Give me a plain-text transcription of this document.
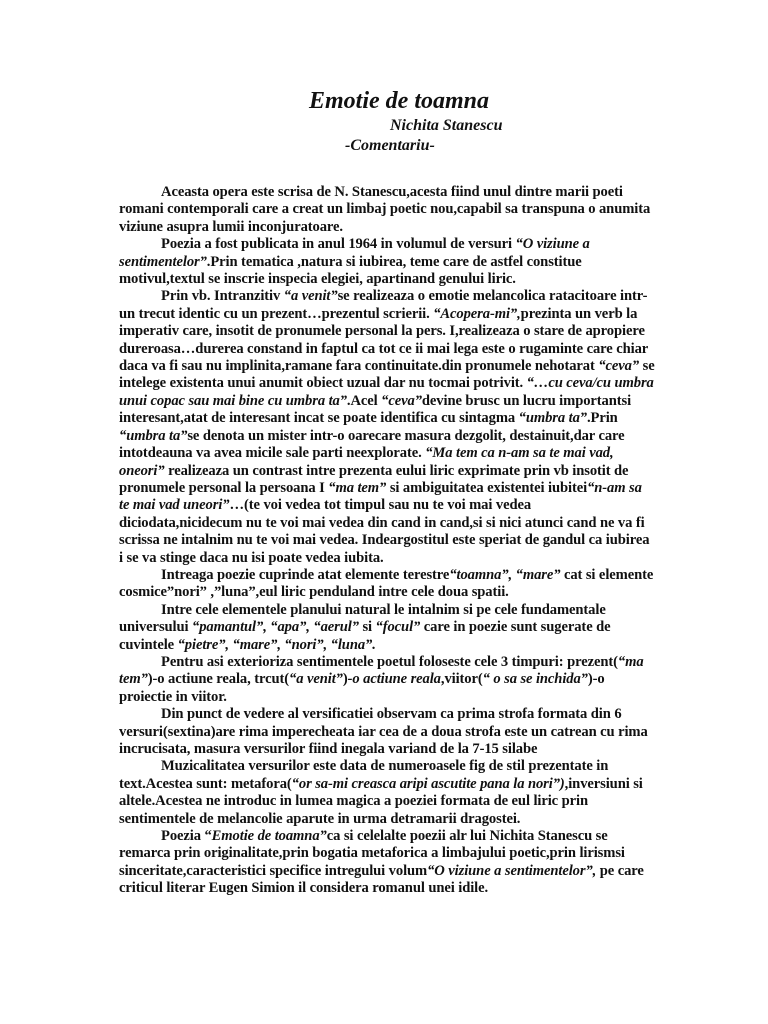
Emotie de toamna
Nichita Stanescu
-Comentariu-

Aceasta opera este scrisa de N. Stanescu,acesta fiind unul dintre marii poeti romani contemporali care a creat un limbaj poetic nou,capabil sa transpuna o anumita viziune asupra lumii inconjuratoare.

Poezia a fost publicata in anul 1964 in volumul de versuri “O viziune a sentimentelor”.Prin tematica ,natura si iubirea, teme care de astfel constitue motivul,textul se inscrie inspecia elegiei, apartinand genului liric.

Prin vb. Intranzitiv “a venit”se realizeaza o emotie melancolica ratacitoare intr-un trecut identic cu un prezent…prezentul scrierii. “Acopera-mi”,prezinta un verb la imperativ care, insotit de pronumele personal la pers. I,realizeaza o stare de apropiere dureroasa…durerea constand in faptul ca tot ce ii mai lega este o rugaminte care chiar daca va fi sau nu implinita,ramane fara continuitate.din pronumele nehotarat “ceva” se intelege existenta unui anumit obiect uzual dar nu tocmai potrivit. “…cu ceva/cu umbra unui copac sau mai bine cu umbra ta”.Acel “ceva”devine brusc un lucru importantsi interesant,atat de interesant incat se poate identifica cu sintagma “umbra ta”.Prin “umbra ta”se denota un mister intr-o oarecare masura dezgolit, destainuit,dar care intotdeauna va avea micile sale parti neexplorate. “Ma tem ca n-am sa te mai vad, oneori” realizeaza un contrast intre prezenta eului liric exprimate prin vb insotit de pronumele personal la persoana I “ma tem” si ambiguitatea existentei iubitei“n-am sa te mai vad uneori”…(te voi vedea tot timpul sau nu te voi mai vedea diciodata,nicidecum nu te voi mai vedea din cand in cand,si si nici atunci cand ne va fi scrissa ne intalnim nu te voi mai vedea. Indeargostitul este speriat de gandul ca iubirea i se va stinge daca nu isi poate vedea iubita.

Intreaga poezie cuprinde atat elemente terestre“toamna”, “mare” cat si elemente cosmice”nori” ,”luna”,eul liric penduland intre cele doua spatii.

Intre cele elementele planului natural le intalnim si pe cele fundamentale universului “pamantul”, “apa”, “aerul” si “focul” care in poezie sunt sugerate de cuvintele “pietre”, “mare”, “nori”, “luna”.

Pentru asi exterioriza sentimentele poetul foloseste cele 3 timpuri: prezent(“ma tem”)-o actiune reala, trcut(“a venit”)-o actiune reala,viitor(“ o sa se inchida”)-o proiectie in viitor.

Din punct de vedere al versificatiei observam ca prima strofa formata din 6 versuri(sextina)are rima imperecheata iar cea de a doua strofa este un catrean cu rima incrucisata, masura versurilor fiind inegala variand de la 7-15 silabe

Muzicalitatea versurilor este data de numeroasele fig de stil prezentate in text.Acestea sunt: metafora(“or sa-mi creasca aripi ascutite pana la nori”),inversiuni si altele.Acestea ne introduc in lumea magica a poeziei formata de eul liric prin sentimentele de melancolie aparute in urma detramarii dragostei.

Poezia “Emotie de toamna”ca si celelalte poezii alr lui Nichita Stanescu se remarca prin originalitate,prin bogatia metaforica a limbajului poetic,prin lirismsi sinceritate,caracteristici specifice intregului volum“O viziune a sentimentelor”, pe care criticul literar Eugen Simion il considera romanul unei idile.
